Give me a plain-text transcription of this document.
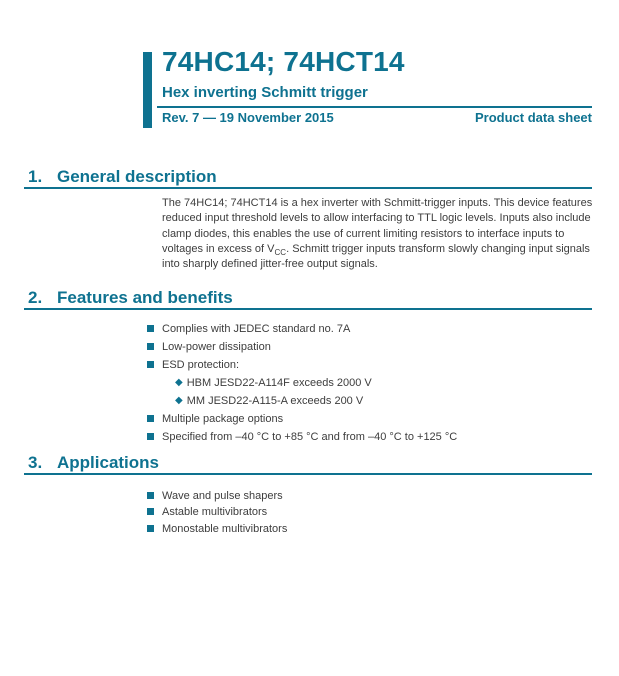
74HC14; 74HCT14
Hex inverting Schmitt trigger
Rev. 7 — 19 November 2015	Product data sheet
1. General description

The 74HC14; 74HCT14 is a hex inverter with Schmitt-trigger inputs. This device features reduced input threshold levels to allow interfacing to TTL logic levels. Inputs also include clamp diodes, this enables the use of current limiting resistors to interface inputs to voltages in excess of $V_{CC}$. Schmitt trigger inputs transform slowly changing input signals into sharply defined jitter-free output signals.

2. Features and benefits
Complies with JEDEC standard no. 7A
Low-power dissipation
ESD protection:
◆ HBM JESD22-A114F exceeds 2000 V
◆ MM JESD22-A115-A exceeds 200 V
Multiple package options
Specified from –40 °C to +85 °C and from –40 °C to +125 °C
3. Applications
Wave and pulse shapers
Astable multivibrators
Monostable multivibrators
